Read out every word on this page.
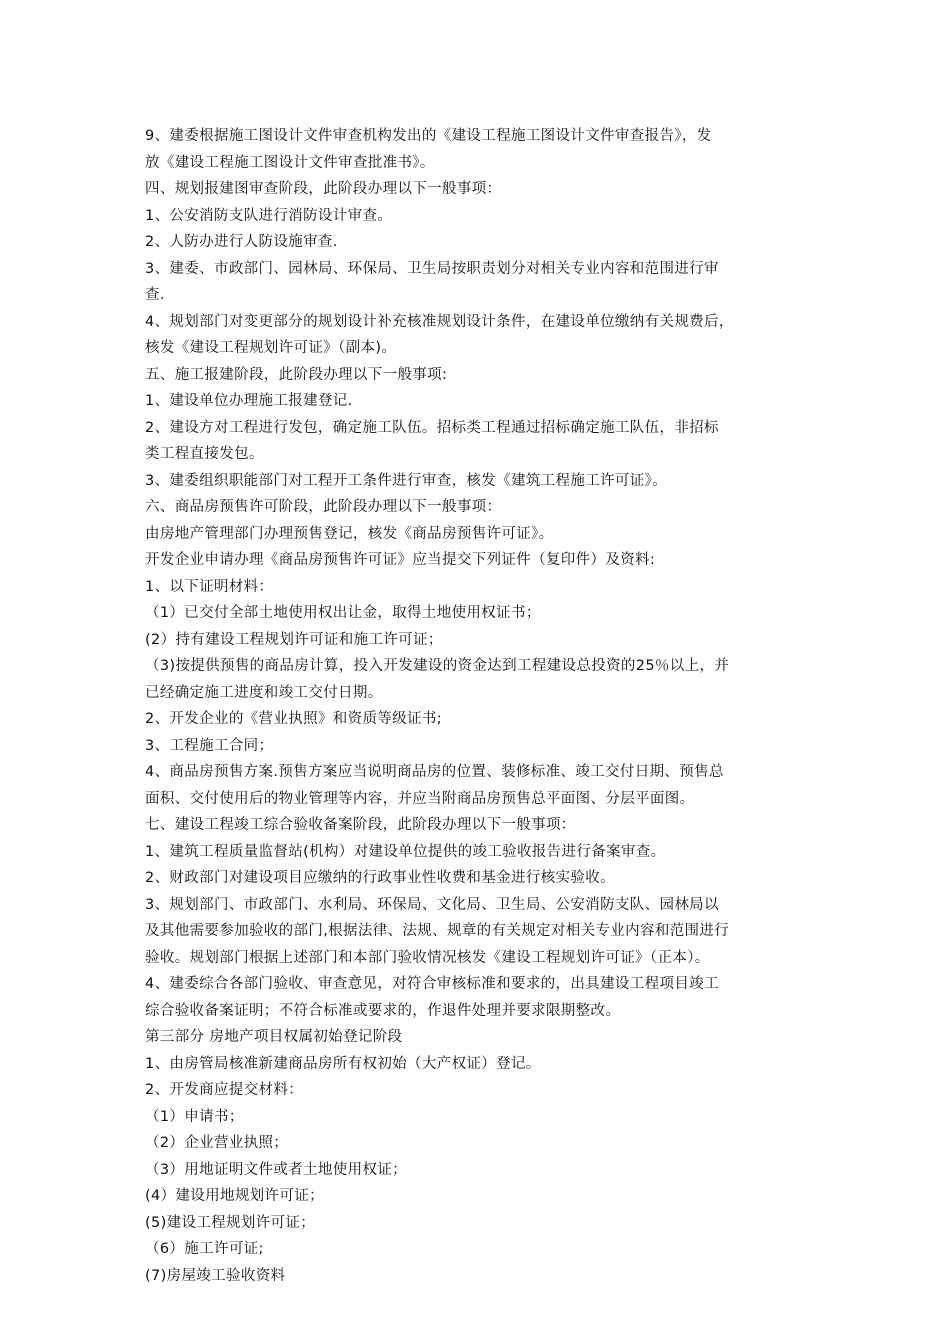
9、建委根据施工图设计文件审查机构发出的《建设工程施工图设计文件审查报告》，发
放《建设工程施工图设计文件审查批准书》。
四、规划报建图审查阶段，此阶段办理以下一般事项：
1、公安消防支队进行消防设计审查。
2、人防办进行人防设施审查.
3、建委、市政部门、园林局、环保局、卫生局按职责划分对相关专业内容和范围进行审
查.
4、规划部门对变更部分的规划设计补充核准规划设计条件，在建设单位缴纳有关规费后，
核发《建设工程规划许可证》（副本)。
五、施工报建阶段，此阶段办理以下一般事项:
1、建设单位办理施工报建登记.
2、建设方对工程进行发包，确定施工队伍。招标类工程通过招标确定施工队伍，非招标
类工程直接发包。
3、建委组织职能部门对工程开工条件进行审查，核发《建筑工程施工许可证》。
六、商品房预售许可阶段，此阶段办理以下一般事项：
由房地产管理部门办理预售登记，核发《商品房预售许可证》。
开发企业申请办理《商品房预售许可证》应当提交下列证件（复印件）及资料:
1、以下证明材料：
（1）已交付全部土地使用权出让金，取得土地使用权证书；
(2）持有建设工程规划许可证和施工许可证；
（3)按提供预售的商品房计算，投入开发建设的资金达到工程建设总投资的25％以上，并
已经确定施工进度和竣工交付日期。
2、开发企业的《营业执照》和资质等级证书;
3、工程施工合同；
4、商品房预售方案.预售方案应当说明商品房的位置、装修标准、竣工交付日期、预售总
面积、交付使用后的物业管理等内容，并应当附商品房预售总平面图、分层平面图。
七、建设工程竣工综合验收备案阶段，此阶段办理以下一般事项：
1、建筑工程质量监督站(机构）对建设单位提供的竣工验收报告进行备案审查。
2、财政部门对建设项目应缴纳的行政事业性收费和基金进行核实验收。
3、规划部门、市政部门、水利局、环保局、文化局、卫生局、公安消防支队、园林局以
及其他需要参加验收的部门,根据法律、法规、规章的有关规定对相关专业内容和范围进行
验收。规划部门根据上述部门和本部门验收情况核发《建设工程规划许可证》（正本）。
4、建委综合各部门验收、审查意见，对符合审核标准和要求的，出具建设工程项目竣工
综合验收备案证明；不符合标准或要求的，作退件处理并要求限期整改。
第三部分 房地产项目权属初始登记阶段
1、由房管局核准新建商品房所有权初始（大产权证）登记。
2、开发商应提交材料：
（1）申请书；
（2）企业营业执照；
（3）用地证明文件或者土地使用权证；
(4）建设用地规划许可证；
(5)建设工程规划许可证；
（6）施工许可证;
(7)房屋竣工验收资料
